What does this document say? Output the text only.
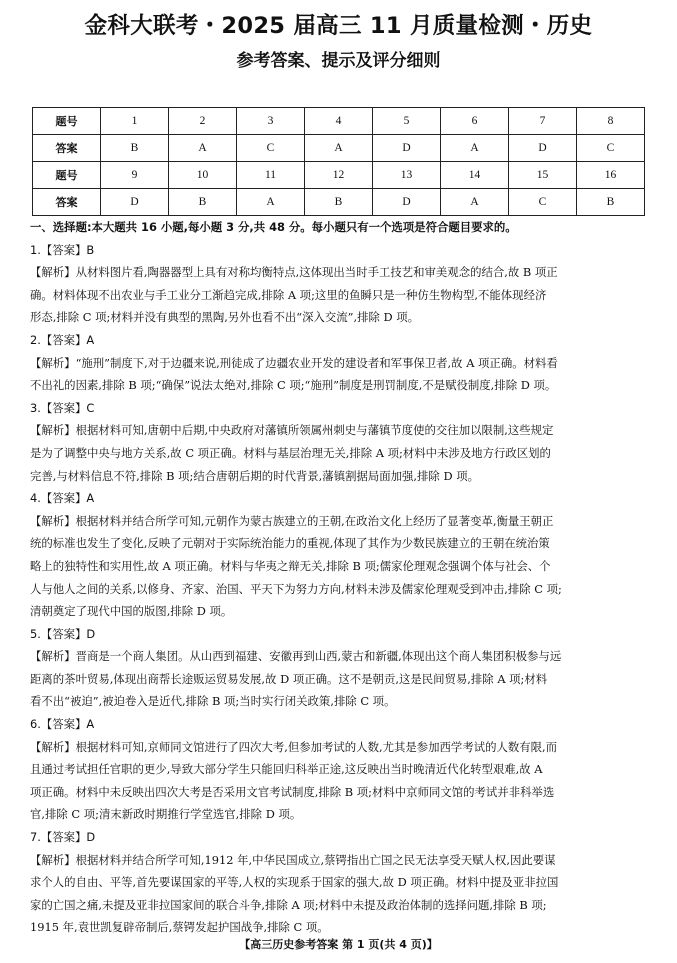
金科大联考・2025 届高三 11 月质量检测・历史
参考答案、提示及评分细则
题号	1	2	3	4	5	6	7	8
答案	B	A	C	A	D	A	D	C
题号	9	10	11	12	13	14	15	16
答案	D	B	A	B	D	A	C	B
一、选择题:本大题共 16 小题,每小题 3 分,共 48 分。每小题只有一个选项是符合题目要求的。
1.【答案】B
【解析】从材料图片看,陶器器型上具有对称均衡特点,这体现出当时手工技艺和审美观念的结合,故 B 项正
确。材料体现不出农业与手工业分工渐趋完成,排除 A 项;这里的鱼瞬只是一种仿生物构型,不能体现经济
形态,排除 C 项;材料并没有典型的黑陶,另外也看不出“深入交流”,排除 D 项。
2.【答案】A
【解析】“施刑”制度下,对于边疆来说,刑徒成了边疆农业开发的建设者和军事保卫者,故 A 项正确。材料看
不出礼的因素,排除 B 项;“确保”说法太绝对,排除 C 项;“施刑”制度是刑罚制度,不是赋役制度,排除 D 项。
3.【答案】C
【解析】根据材料可知,唐朝中后期,中央政府对藩镇所领属州刺史与藩镇节度使的交往加以限制,这些规定
是为了调整中央与地方关系,故 C 项正确。材料与基层治理无关,排除 A 项;材料中未涉及地方行政区划的
完善,与材料信息不符,排除 B 项;结合唐朝后期的时代背景,藩镇割据局面加强,排除 D 项。
4.【答案】A
【解析】根据材料并结合所学可知,元朝作为蒙古族建立的王朝,在政治文化上经历了显著变革,衡量王朝正
统的标准也发生了变化,反映了元朝对于实际统治能力的重视,体现了其作为少数民族建立的王朝在统治策
略上的独特性和实用性,故 A 项正确。材料与华夷之辩无关,排除 B 项;儒家伦理观念强调个体与社会、个
人与他人之间的关系,以修身、齐家、治国、平天下为努力方向,材料未涉及儒家伦理观受到冲击,排除 C 项;
清朝奠定了现代中国的版图,排除 D 项。
5.【答案】D
【解析】晋商是一个商人集团。从山西到福建、安徽再到山西,蒙古和新疆,体现出这个商人集团积极参与远
距离的茶叶贸易,体现出商帮长途贩运贸易发展,故 D 项正确。这不是朝贡,这是民间贸易,排除 A 项;材料
看不出“被迫”,被迫卷入是近代,排除 B 项;当时实行闭关政策,排除 C 项。
6.【答案】A
【解析】根据材料可知,京师同文馆进行了四次大考,但参加考试的人数,尤其是参加西学考试的人数有限,而
且通过考试担任官职的更少,导致大部分学生只能回归科举正途,这反映出当时晚清近代化转型艰难,故 A
项正确。材料中未反映出四次大考是否采用文官考试制度,排除 B 项;材料中京师同文馆的考试并非科举选
官,排除 C 项;清末新政时期推行学堂选官,排除 D 项。
7.【答案】D
【解析】根据材料并结合所学可知,1912 年,中华民国成立,蔡锷指出亡国之民无法享受天赋人权,因此要谋
求个人的自由、平等,首先要谋国家的平等,人权的实现系于国家的强大,故 D 项正确。材料中提及亚非拉国
家的亡国之痛,未提及亚非拉国家间的联合斗争,排除 A 项;材料中未提及政治体制的选择问题,排除 B 项;
1915 年,袁世凯复辟帝制后,蔡锷发起护国战争,排除 C 项。
【高三历史参考答案 第 1 页(共 4 页)】
